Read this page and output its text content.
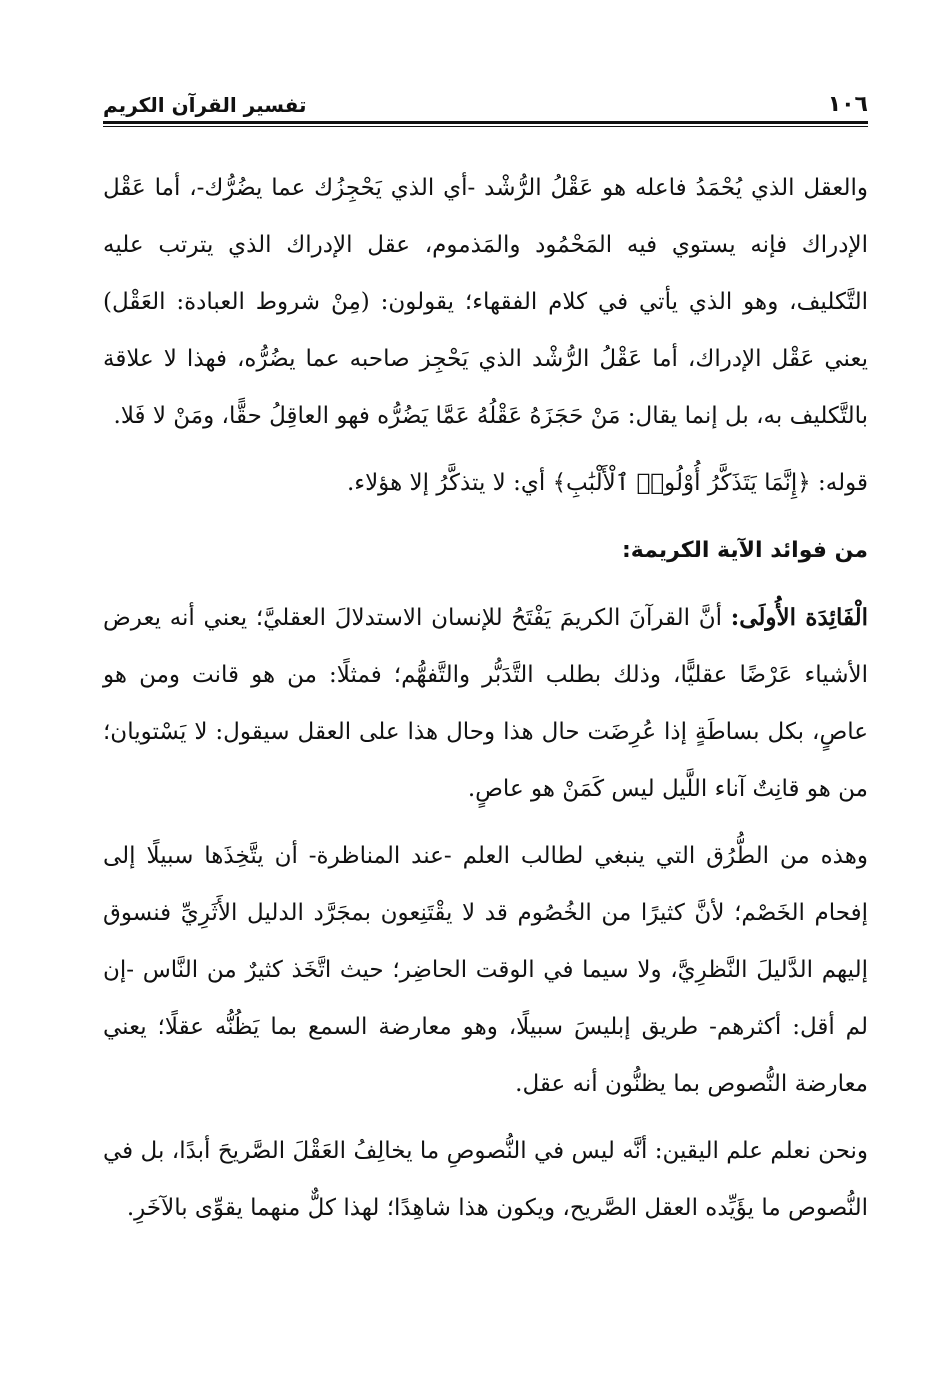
١٠٦
تفسير القرآن الكريم

والعقل الذي يُحْمَدُ فاعله هو عَقْلُ الرُّشْد -أي الذي يَحْجِزُك عما يضُرُّك-، أما عَقْل الإدراك فإنه يستوي فيه المَحْمُود والمَذموم، عقل الإدراك الذي يترتب عليه التَّكليف، وهو الذي يأتي في كلام الفقهاء؛ يقولون: (مِنْ شروط العبادة: العَقْل) يعني عَقْل الإدراك، أما عَقْلُ الرُّشْد الذي يَحْجِز صاحبه عما يضُرُّه، فهذا لا علاقة بالتَّكليف به، بل إنما يقال: مَنْ حَجَزَهُ عَقْلُهُ عَمَّا يَضُرُّه فهو العاقِلُ حقًّا، ومَنْ لا فَلا.

قوله: ﴿إِنَّمَا يَتَذَكَّرُ أُوْلُوا۟ ٱلْأَلْبَٰبِ﴾ أي: لا يتذكَّرُ إلا هؤلاء.

من فوائد الآية الكريمة:

الْفَائِدَة الأُولَى: أنَّ القرآنَ الكريمَ يَفْتَحُ للإنسان الاستدلالَ العقليَّ؛ يعني أنه يعرض الأشياء عَرْضًا عقليًّا، وذلك بطلب التَّدَبُّر والتَّفهُّم؛ فمثلًا: من هو قانت ومن هو عاصٍ، بكل بساطَةٍ إذا عُرِضَت حال هذا وحال هذا على العقل سيقول: لا يَسْتويان؛ من هو قانِتٌ آناء اللَّيل ليس كَمَنْ هو عاصٍ.

وهذه من الطُّرُق التي ينبغي لطالب العلم -عند المناظرة- أن يتَّخِذَها سبيلًا إلى إفحام الخَصْم؛ لأنَّ كثيرًا من الخُصُوم قد لا يقْتَنِعون بمجَرَّد الدليل الأَثَرِيِّ فنسوق إليهم الدَّليلَ النَّظرِيَّ، ولا سيما في الوقت الحاضِر؛ حيث اتَّخَذ كثيرٌ من النَّاس -إن لم أقل: أكثرهم- طريق إبليسَ سبيلًا، وهو معارضة السمع بما يَظُنُّه عقلًا؛ يعني معارضة النُّصوص بما يظنُّون أنه عقل.

ونحن نعلم علم اليقين: أنَّه ليس في النُّصوصِ ما يخالِفُ العَقْلَ الصَّريحَ أبدًا، بل في النُّصوص ما يؤَيِّده العقل الصَّريح، ويكون هذا شاهِدًا؛ لهذا كلٌّ منهما يقوِّى بالآخَرِ.
